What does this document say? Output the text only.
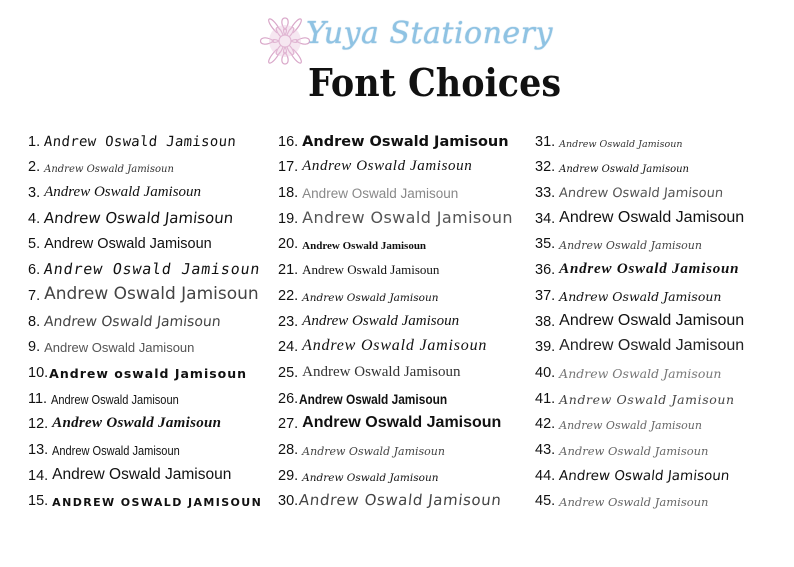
Yuya Stationery
Font Choices
1. Andrew Oswald Jamisoun
2. Andrew Oswald Jamisoun
3. Andrew Oswald Jamisoun
4. Andrew Oswald Jamisoun
5. Andrew Oswald Jamisoun
6. Andrew Oswald Jamisoun
7. Andrew Oswald Jamisoun
8. Andrew Oswald Jamisoun
9. Andrew Oswald Jamisoun
10. Andrew oswald Jamisoun
11. Andrew Oswald Jamisoun
12. Andrew Oswald Jamisoun
13. Andrew Oswald Jamisoun
14. Andrew Oswald Jamisoun
15. ANDREW OSWALD JAMISOUN
16. Andrew Oswald Jamisoun
17. Andrew Oswald Jamisoun
18. Andrew Oswald Jamisoun
19. Andrew Oswald Jamisoun
20. Andrew Oswald Jamisoun
21. Andrew Oswald Jamisoun
22. Andrew Oswald Jamisoun
23. Andrew Oswald Jamisoun
24. Andrew Oswald Jamisoun
25. Andrew Oswald Jamisoun
26. Andrew Oswald Jamisoun
27. Andrew Oswald Jamisoun
28. Andrew Oswald Jamisoun
29. Andrew Oswald Jamisoun
30. Andrew Oswald Jamisoun
31. Andrew Oswald Jamisoun
32. Andrew Oswald Jamisoun
33. Andrew Oswald Jamisoun
34. Andrew Oswald Jamisoun
35. Andrew Oswald Jamisoun
36. Andrew Oswald Jamisoun
37. Andrew Oswald Jamisoun
38. Andrew Oswald Jamisoun
39. Andrew Oswald Jamisoun
40. Andrew Oswald Jamisoun
41. Andrew Oswald Jamisoun
42. Andrew Oswald Jamisoun
43. Andrew Oswald Jamisoun
44. Andrew Oswald Jamisoun
45. Andrew Oswald Jamisoun
